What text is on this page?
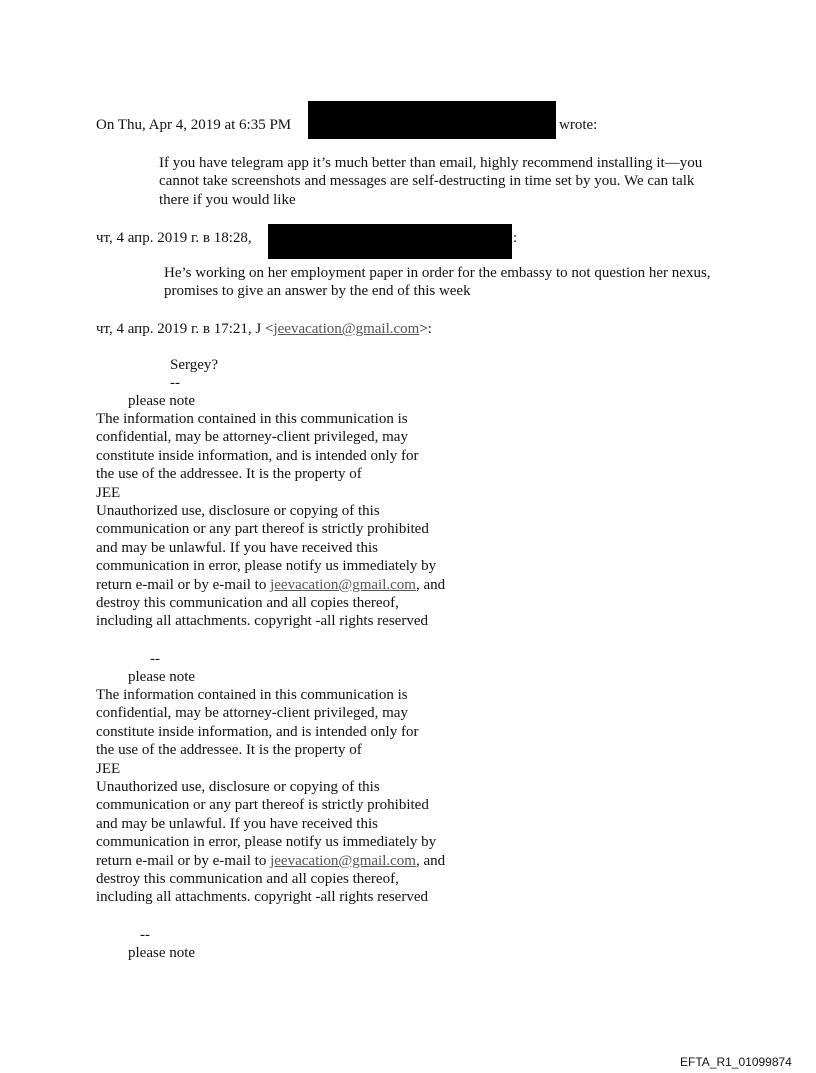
On Thu, Apr 4, 2019 at 6:35 PM	wrote:

If you have telegram app it’s much better than email, highly recommend installing it—you cannot take screenshots and messages are self-destructing in time set by you. We can talk there if you would like

чт, 4 апр. 2019 г. в 18:28,	:

He’s working on her employment paper in order for the embassy to not question her nexus, promises to give an answer by the end of this week

чт, 4 апр. 2019 г. в 17:21, J <jeevacation@gmail.com>:

Sergey?

--

please note

The information contained in this communication is

confidential, may be attorney-client privileged, may

constitute inside information, and is intended only for

the use of the addressee. It is the property of

JEE

Unauthorized use, disclosure or copying of this

communication or any part thereof is strictly prohibited

and may be unlawful. If you have received this

communication in error, please notify us immediately by

return e-mail or by e-mail to jeevacation@gmail.com, and

destroy this communication and all copies thereof,

including all attachments. copyright -all rights reserved

--

please note

The information contained in this communication is

confidential, may be attorney-client privileged, may

constitute inside information, and is intended only for

the use of the addressee. It is the property of

JEE

Unauthorized use, disclosure or copying of this

communication or any part thereof is strictly prohibited

and may be unlawful. If you have received this

communication in error, please notify us immediately by

return e-mail or by e-mail to jeevacation@gmail.com, and

destroy this communication and all copies thereof,

including all attachments. copyright -all rights reserved

--

please note

EFTA_R1_01099874
